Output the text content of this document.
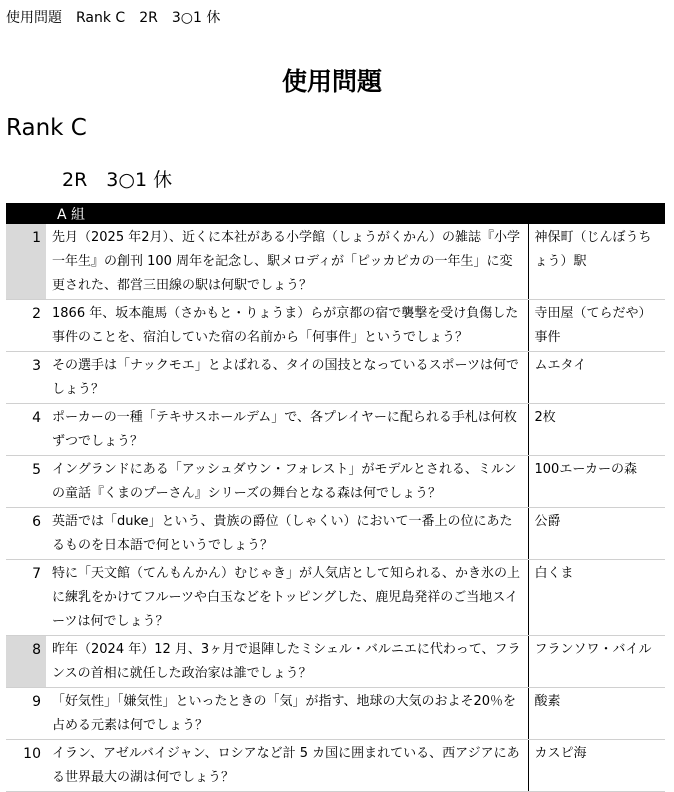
使用問題　Rank C　2R　3○1 休
使用問題
Rank C
2R　3○1 休
A 組		

1	先月（2025 年2月）、近くに本社がある小学館（しょうがくかん）の雑誌『小学一年生』の創刊 100 周年を記念し、駅メロディが「ピッカピカの一年生」に変更された、都営三田線の駅は何駅でしょう？	神保町（じんぼうちょう）駅

2	1866 年、坂本龍馬（さかもと・りょうま）らが京都の宿で襲撃を受け負傷した事件のことを、宿泊していた宿の名前から「何事件」というでしょう？	寺田屋（てらだや）事件

3	その選手は「ナックモエ」とよばれる、タイの国技となっているスポーツは何でしょう？	ムエタイ

4	ポーカーの一種「テキサスホールデム」で、各プレイヤーに配られる手札は何枚ずつでしょう？	2枚

5	イングランドにある「アッシュダウン・フォレスト」がモデルとされる、ミルンの童話『くまのプーさん』シリーズの舞台となる森は何でしょう？	100エーカーの森

6	英語では「duke」という、貴族の爵位（しゃくい）において一番上の位にあたるものを日本語で何というでしょう？	公爵

7	特に「天文館（てんもんかん）むじゃき」が人気店として知られる、かき氷の上に練乳をかけてフルーツや白玉などをトッピングした、鹿児島発祥のご当地スイーツは何でしょう？	白くま

8	昨年（2024 年）12 月、3ヶ月で退陣したミシェル・バルニエに代わって、フランスの首相に就任した政治家は誰でしょう？	フランソワ・バイル

9	「好気性」「嫌気性」といったときの「気」が指す、地球の大気のおよそ20％を占める元素は何でしょう？	酸素

10	イラン、アゼルバイジャン、ロシアなど計 5 カ国に囲まれている、西アジアにある世界最大の湖は何でしょう？	カスピ海
